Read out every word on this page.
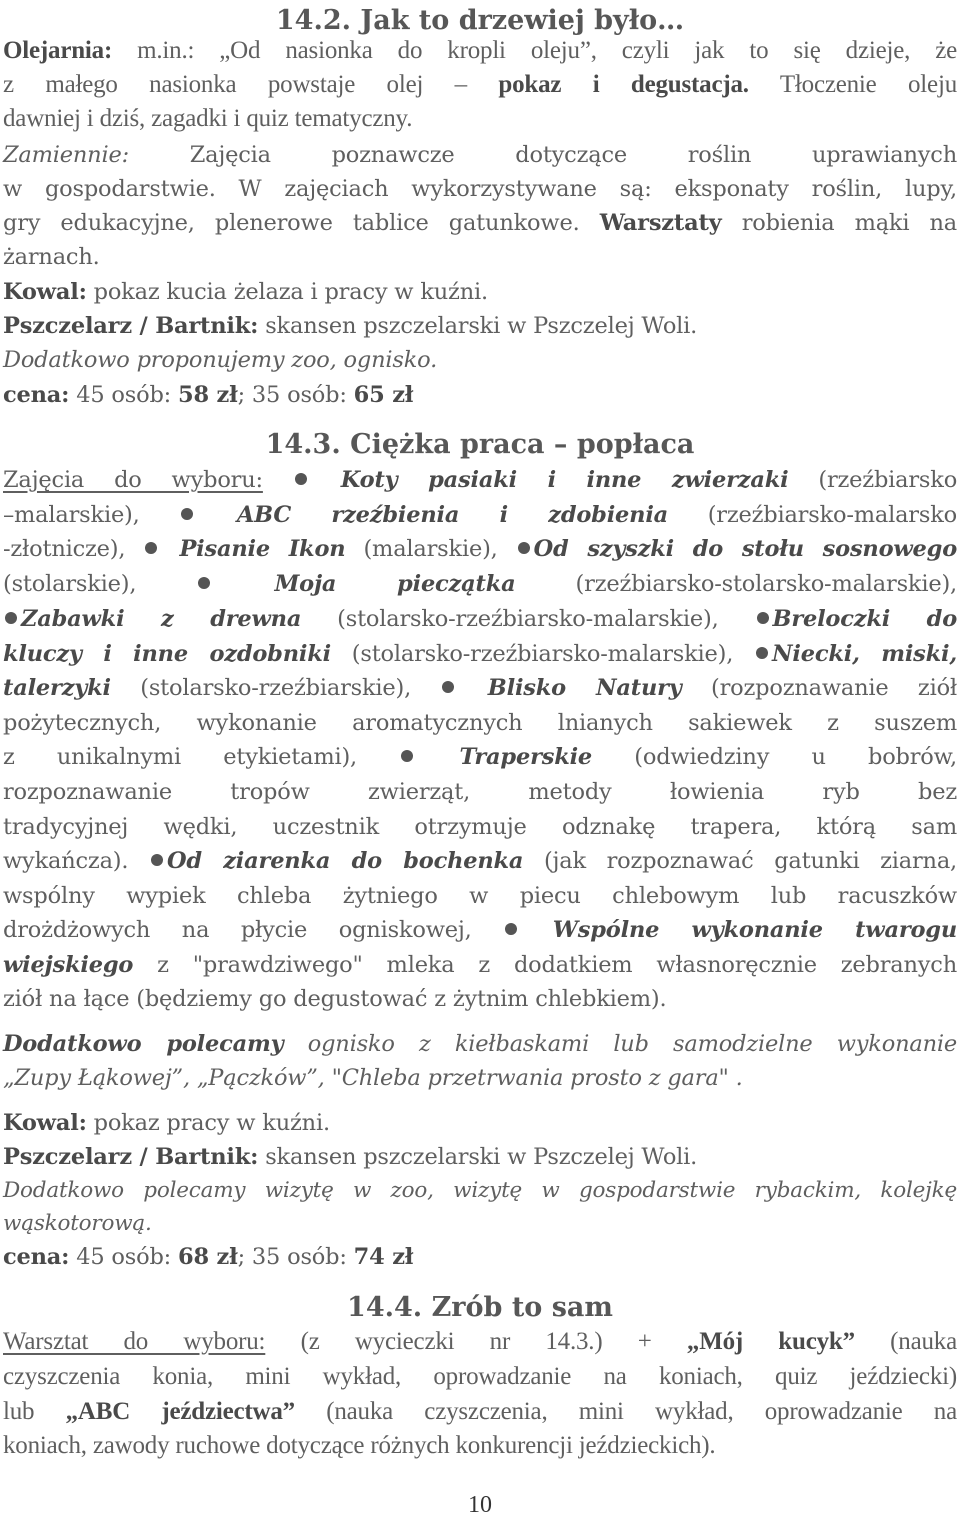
14.2. Jak to drzewiej było…
Olejarnia: m.in.: „Od nasionka do kropli oleju”, czyli jak to się dzieje, że
z małego nasionka powstaje olej – pokaz i degustacja. Tłoczenie oleju
dawniej i dziś, zagadki i quiz tematyczny.
Zamiennie: Zajęcia poznawcze dotyczące roślin uprawianych
w gospodarstwie. W zajęciach wykorzystywane są: eksponaty roślin, lupy,
gry edukacyjne, plenerowe tablice gatunkowe. Warsztaty robienia mąki na
żarnach.
Kowal: pokaz kucia żelaza i pracy w kuźni.
Pszczelarz / Bartnik: skansen pszczelarski w Pszczelej Woli.
Dodatkowo proponujemy zoo, ognisko.
cena: 45 osób: 58 zł; 35 osób: 65 zł
14.3. Ciężka praca – popłaca
Zajęcia do wyboru:	Koty pasiaki i inne zwierzaki (rzeźbiarsko
–malarskie),	ABC rzeźbienia i zdobienia (rzeźbiarsko-malarsko
-złotnicze),  Pisanie Ikon (malarskie), Od szyszki do stołu sosnowego
(stolarskie),	Moja pieczątka (rzeźbiarsko-stolarsko-malarskie),
Zabawki z drewna (stolarsko-rzeźbiarsko-malarskie), Breloczki do
kluczy i inne ozdobniki (stolarsko-rzeźbiarsko-malarskie), Niecki, miski,
talerzyki (stolarsko-rzeźbiarskie),  Blisko Natury (rozpoznawanie ziół
pożytecznych, wykonanie aromatycznych lnianych sakiewek z suszem
z unikalnymi etykietami),	Traperskie (odwiedziny u bobrów,
rozpoznawanie tropów zwierząt, metody łowienia ryb bez
tradycyjnej wędki, uczestnik otrzymuje odznakę trapera, którą sam
wykańcza). Od ziarenka do bochenka (jak rozpoznawać gatunki ziarna,
wspólny wypiek chleba żytniego w piecu chlebowym lub racuszków
drożdżowych na płycie ogniskowej,  Wspólne wykonanie twarogu
wiejskiego z "prawdziwego" mleka z dodatkiem własnoręcznie zebranych
ziół na łące (będziemy go degustować z żytnim chlebkiem).
Dodatkowo polecamy ognisko z kiełbaskami lub samodzielne wykonanie
„Zupy Łąkowej”, „Pączków”, "Chleba przetrwania prosto z gara" .
Kowal: pokaz pracy w kuźni.
Pszczelarz / Bartnik: skansen pszczelarski w Pszczelej Woli.
Dodatkowo polecamy wizytę w zoo, wizytę w gospodarstwie rybackim, kolejkę
wąskotorową.
cena: 45 osób: 68 zł; 35 osób: 74 zł
14.4. Zrób to sam
Warsztat do wyboru: (z wycieczki nr 14.3.) + „Mój kucyk” (nauka
czyszczenia konia, mini wykład, oprowadzanie na koniach, quiz jeździecki)
lub „ABC jeździectwa” (nauka czyszczenia, mini wykład, oprowadzanie na
koniach, zawody ruchowe dotyczące różnych konkurencji jeździeckich).
10
